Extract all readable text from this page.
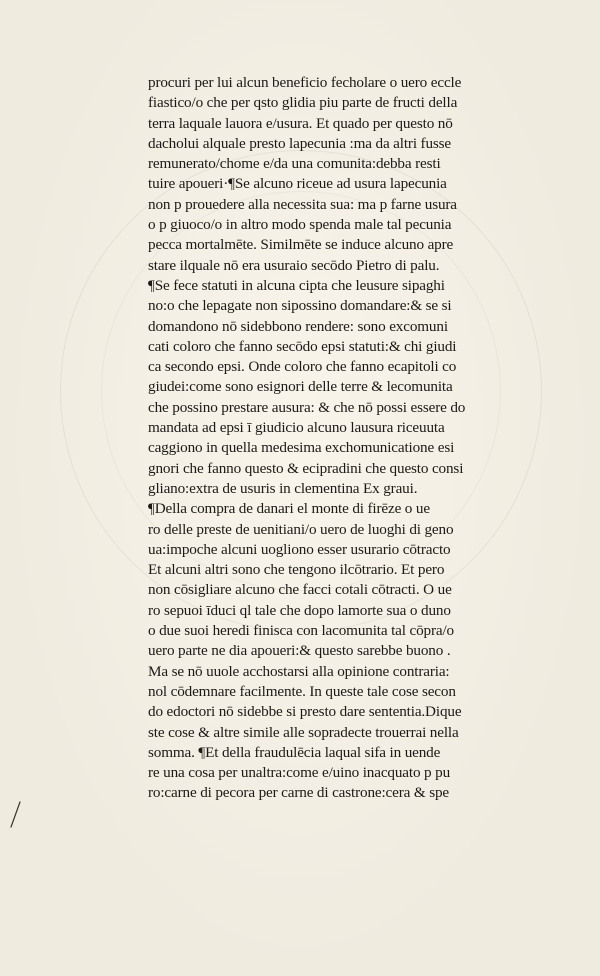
procuri per lui alcun beneficio fecholare o uero eccle
fiastico/o che per qsto glidia piu parte de fructi della
terra laquale lauora e/usura. Et quado per questo nō
dacholui alquale presto lapecunia :ma da altri fusse
remunerato/chome e/da una comunita:debba resti
tuire apoueri·¶Se alcuno riceue ad usura lapecunia
non p prouedere alla necessita sua: ma p farne usura
o p giuoco/o in altro modo spenda male tal pecunia
pecca mortalmēte. Similmēte se induce alcuno apre
stare ilquale nō era usuraio secōdo Pietro di palu.
¶Se fece statuti in alcuna cipta che leusure sipaghi
no:o che lepagate non sipossino domandare:& se si
domandono nō sidebbono rendere: sono excomuni
cati coloro che fanno secōdo epsi statuti:& chi giudi
ca secondo epsi. Onde coloro che fanno ecapitoli co
giudei:come sono esignori delle terre & lecomunita
che possino prestare ausura: & che nō possi essere do
mandata ad epsi ī giudicio alcuno lausura riceuuta
caggiono in quella medesima exchomunicatione esi
gnori che fanno questo & ecipradini che questo consi
gliano:extra de usuris in clementina Ex graui.
¶Della compra de danari el monte di firēze o ue
ro delle preste de uenitiani/o uero de luoghi di geno
ua:impoche alcuni uogliono esser usurario cōtracto
Et alcuni altri sono che tengono ilcōtrario. Et pero
non cōsigliare alcuno che facci cotali cōtracti. O ue
ro sepuoi īduci ql tale che dopo lamorte sua o duno
o due suoi heredi finisca con lacomunita tal cōpra/o
uero parte ne dia apoueri:& questo sarebbe buono .
Ma se nō uuole acchostarsi alla opinione contraria:
nol cōdemnare facilmente. In queste tale cose secon
do edoctori nō sidebbe si presto dare sententia.Dique
ste cose & altre simile alle sopradecte trouerrai nella
somma. ¶Et della fraudulēcia laqual sifa in uende
re una cosa per unaltra:come e/uino inacquato p pu
ro:carne di pecora per carne di castrone:cera & spe
